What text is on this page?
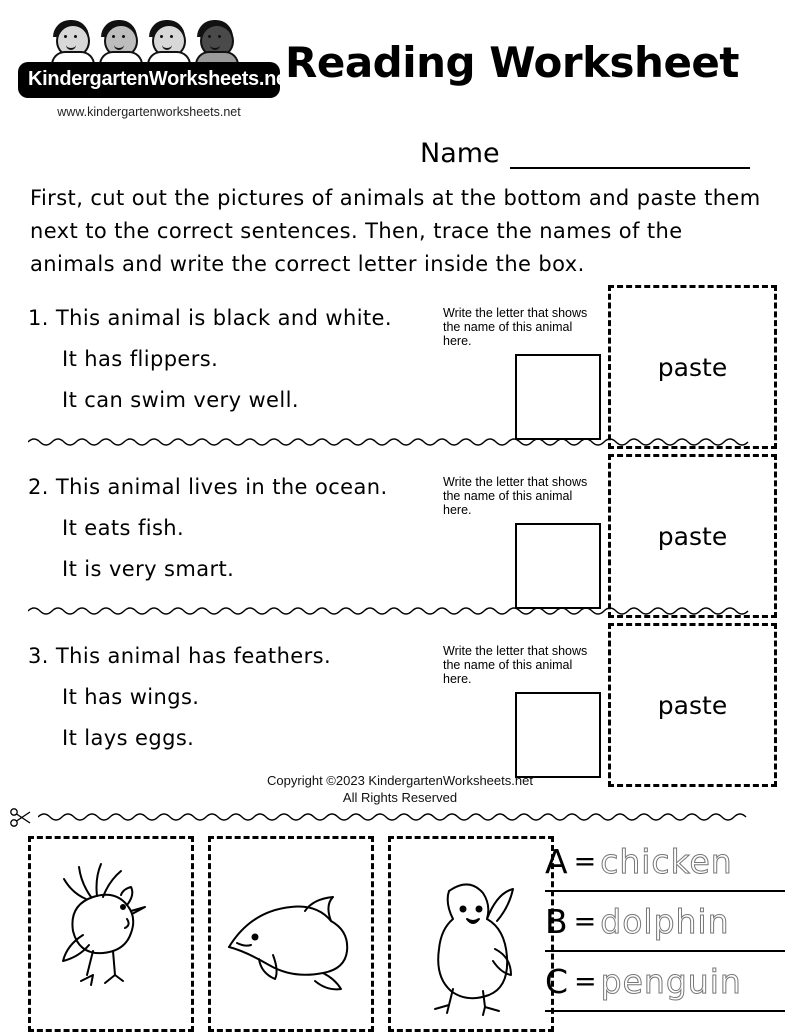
KindergartenWorksheets.net
www.kindergartenworksheets.net
Reading Worksheet
Name
First, cut out the pictures of animals at the bottom and paste them next to the correct sentences. Then, trace the names of the animals and write the correct letter inside the box.
1. This animal is black and white.
It has flippers.
It can swim very well.
Write the letter that shows the name of this animal here.
paste
2. This animal lives in the ocean.
It eats fish.
It is very smart.
Write the letter that shows the name of this animal here.
paste
3. This animal has feathers.
It has wings.
It lays eggs.
Write the letter that shows the name of this animal here.
paste
Copyright ©2023 KindergartenWorksheets.net
All Rights Reserved
A = chicken
B = dolphin
C = penguin
